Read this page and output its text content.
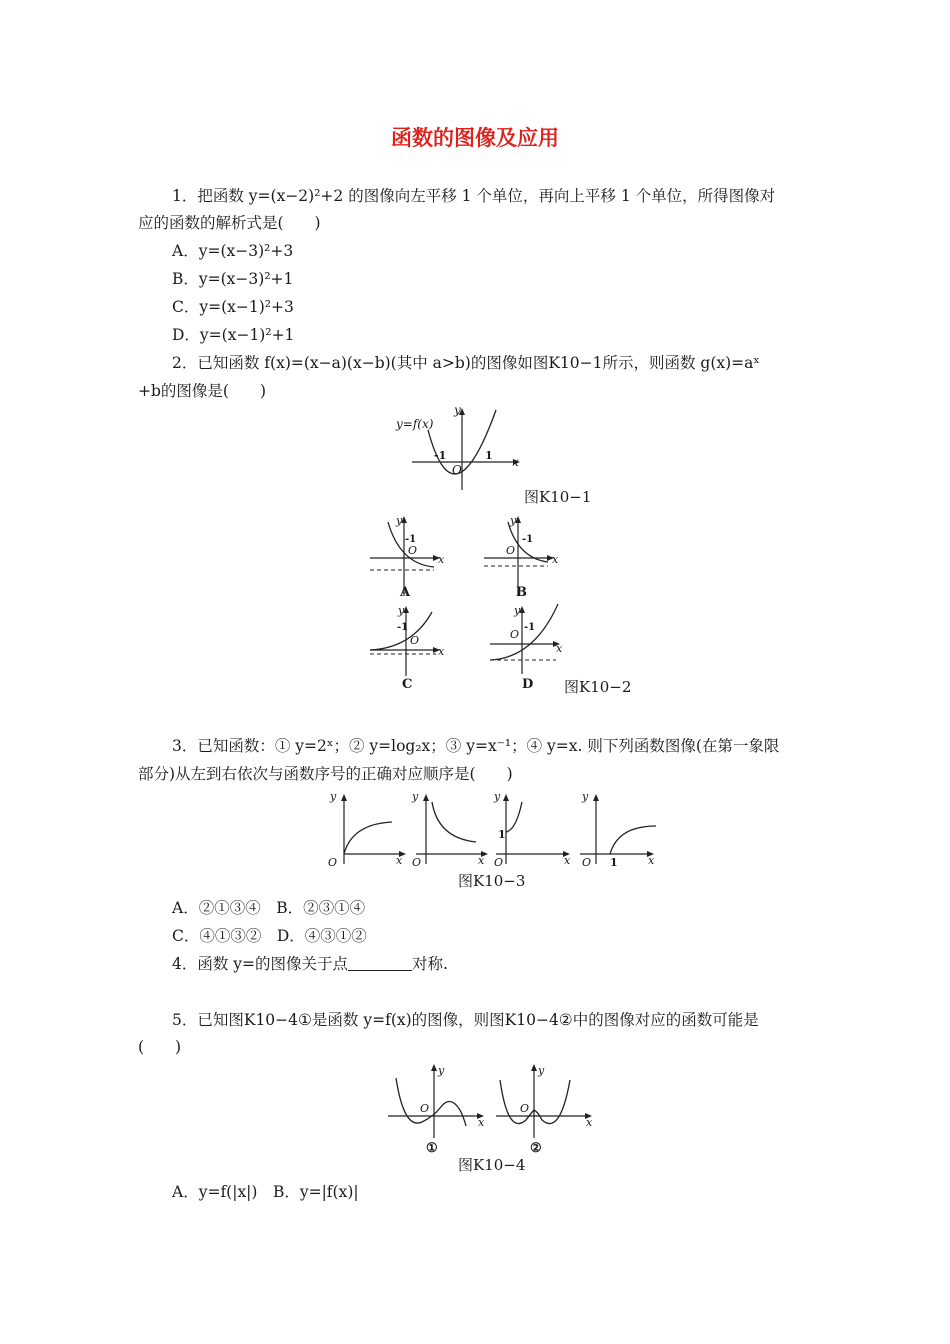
函数的图像及应用
1．把函数 y=(x−2)²+2 的图像向左平移 1 个单位，再向上平移 1 个单位，所得图像对
应的函数的解析式是(　　)
A．y=(x−3)²+3
B．y=(x−3)²+1
C．y=(x−1)²+3
D．y=(x−1)²+1
2．已知函数 f(x)=(x−a)(x−b)(其中 a>b)的图像如图K10−1所示，则函数 g(x)=aˣ
+b的图像是(　　)
y=f(x)
y
x
O
-1	1
图K10−1
y
x
O
-1
A
y
x
O
-1
B
y
x
O
-1
C
y
x
O
-1
D 图K10−2
3．已知函数：① y=2ˣ；② y=log₂x；③ y=x⁻¹；④ y=x. 则下列函数图像(在第一象限
部分)从左到右依次与函数序号的正确对应顺序是(　　)
y
x
O
y
x
O
y
x
O
1
y
x
O 1
图K10−3
A．②①③④　B．②③①④
C．④①③②　D．④③①②
4．函数 y=的图像关于点	对称.
5．已知图K10−4①是函数 y=f(x)的图像，则图K10−4②中的图像对应的函数可能是
(　　)
y
x
O
①
y
x
O
②
图K10−4
A．y=f(|x|)　B．y=|f(x)|
